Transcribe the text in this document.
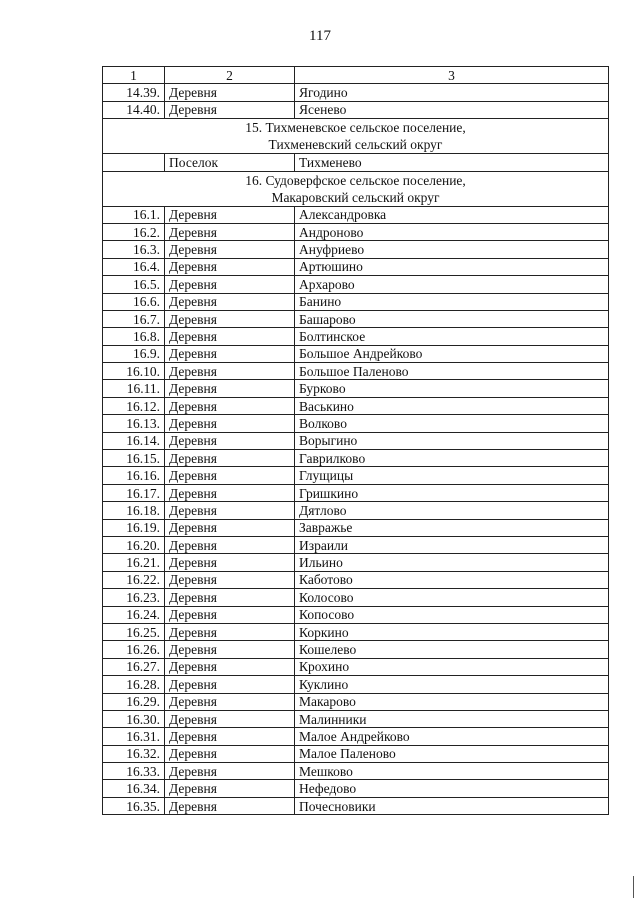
117
1	2	3
14.39.	Деревня	Ягодино
14.40.	Деревня	Ясенево

15. Тихменевское сельское поселение,
Тихменевский сельский округ		

	Поселок	Тихменево

16. Судоверфское сельское поселение,
Макаровский сельский округ		

16.1.	Деревня	Александровка
16.2.	Деревня	Андроново
16.3.	Деревня	Ануфриево
16.4.	Деревня	Артюшино
16.5.	Деревня	Архарово
16.6.	Деревня	Банино
16.7.	Деревня	Башарово
16.8.	Деревня	Болтинское
16.9.	Деревня	Большое Андрейково
16.10.	Деревня	Большое Паленово
16.11.	Деревня	Бурково
16.12.	Деревня	Васькино
16.13.	Деревня	Волково
16.14.	Деревня	Ворыгино
16.15.	Деревня	Гаврилково
16.16.	Деревня	Глущицы
16.17.	Деревня	Гришкино
16.18.	Деревня	Дятлово
16.19.	Деревня	Завражье
16.20.	Деревня	Израили
16.21.	Деревня	Ильино
16.22.	Деревня	Каботово
16.23.	Деревня	Колосово
16.24.	Деревня	Копосово
16.25.	Деревня	Коркино
16.26.	Деревня	Кошелево
16.27.	Деревня	Крохино
16.28.	Деревня	Куклино
16.29.	Деревня	Макарово
16.30.	Деревня	Малинники
16.31.	Деревня	Малое Андрейково
16.32.	Деревня	Малое Паленово
16.33.	Деревня	Мешково
16.34.	Деревня	Нефедово
16.35.	Деревня	Почесновики
